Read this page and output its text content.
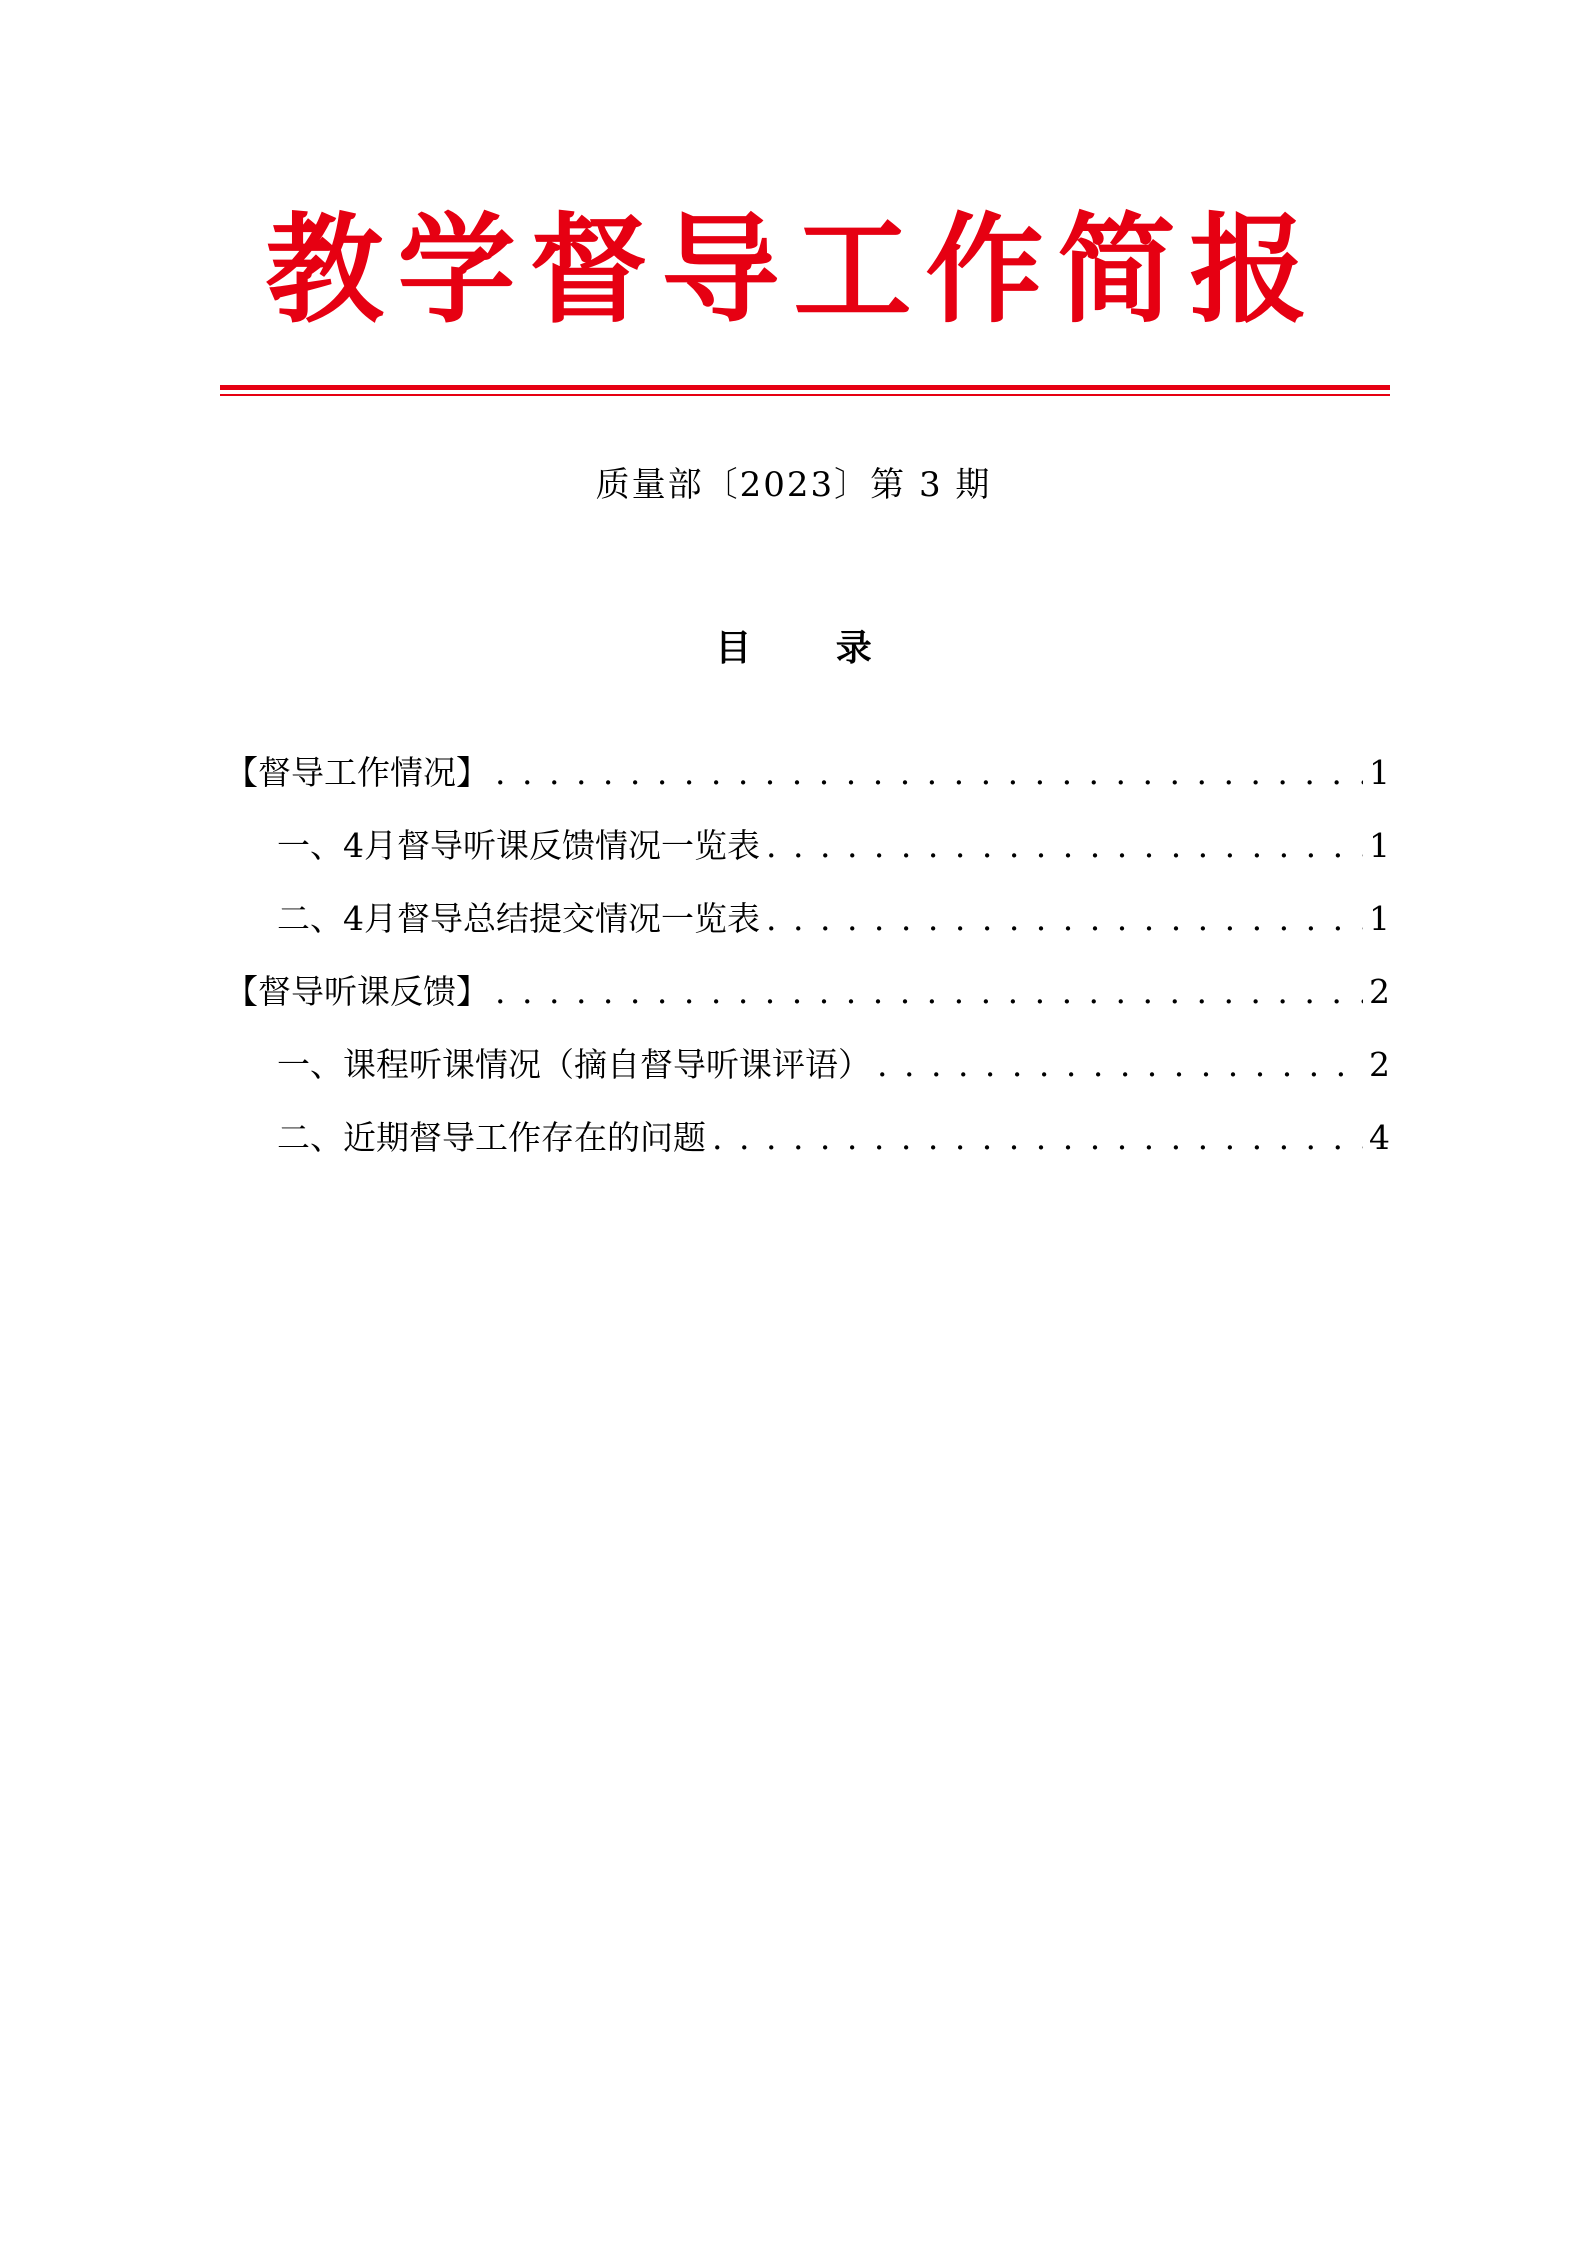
教学督导工作简报
质量部〔2023〕第 3 期
目 录
【督导工作情况】 . . .	1
一、4月督导听课反馈情况一览表 . . .	1
二、4月督导总结提交情况一览表 . . .	1
【督导听课反馈】 . . .	2
一、课程听课情况（摘自督导听课评语） . . .	2
二、近期督导工作存在的问题 . . .	4
